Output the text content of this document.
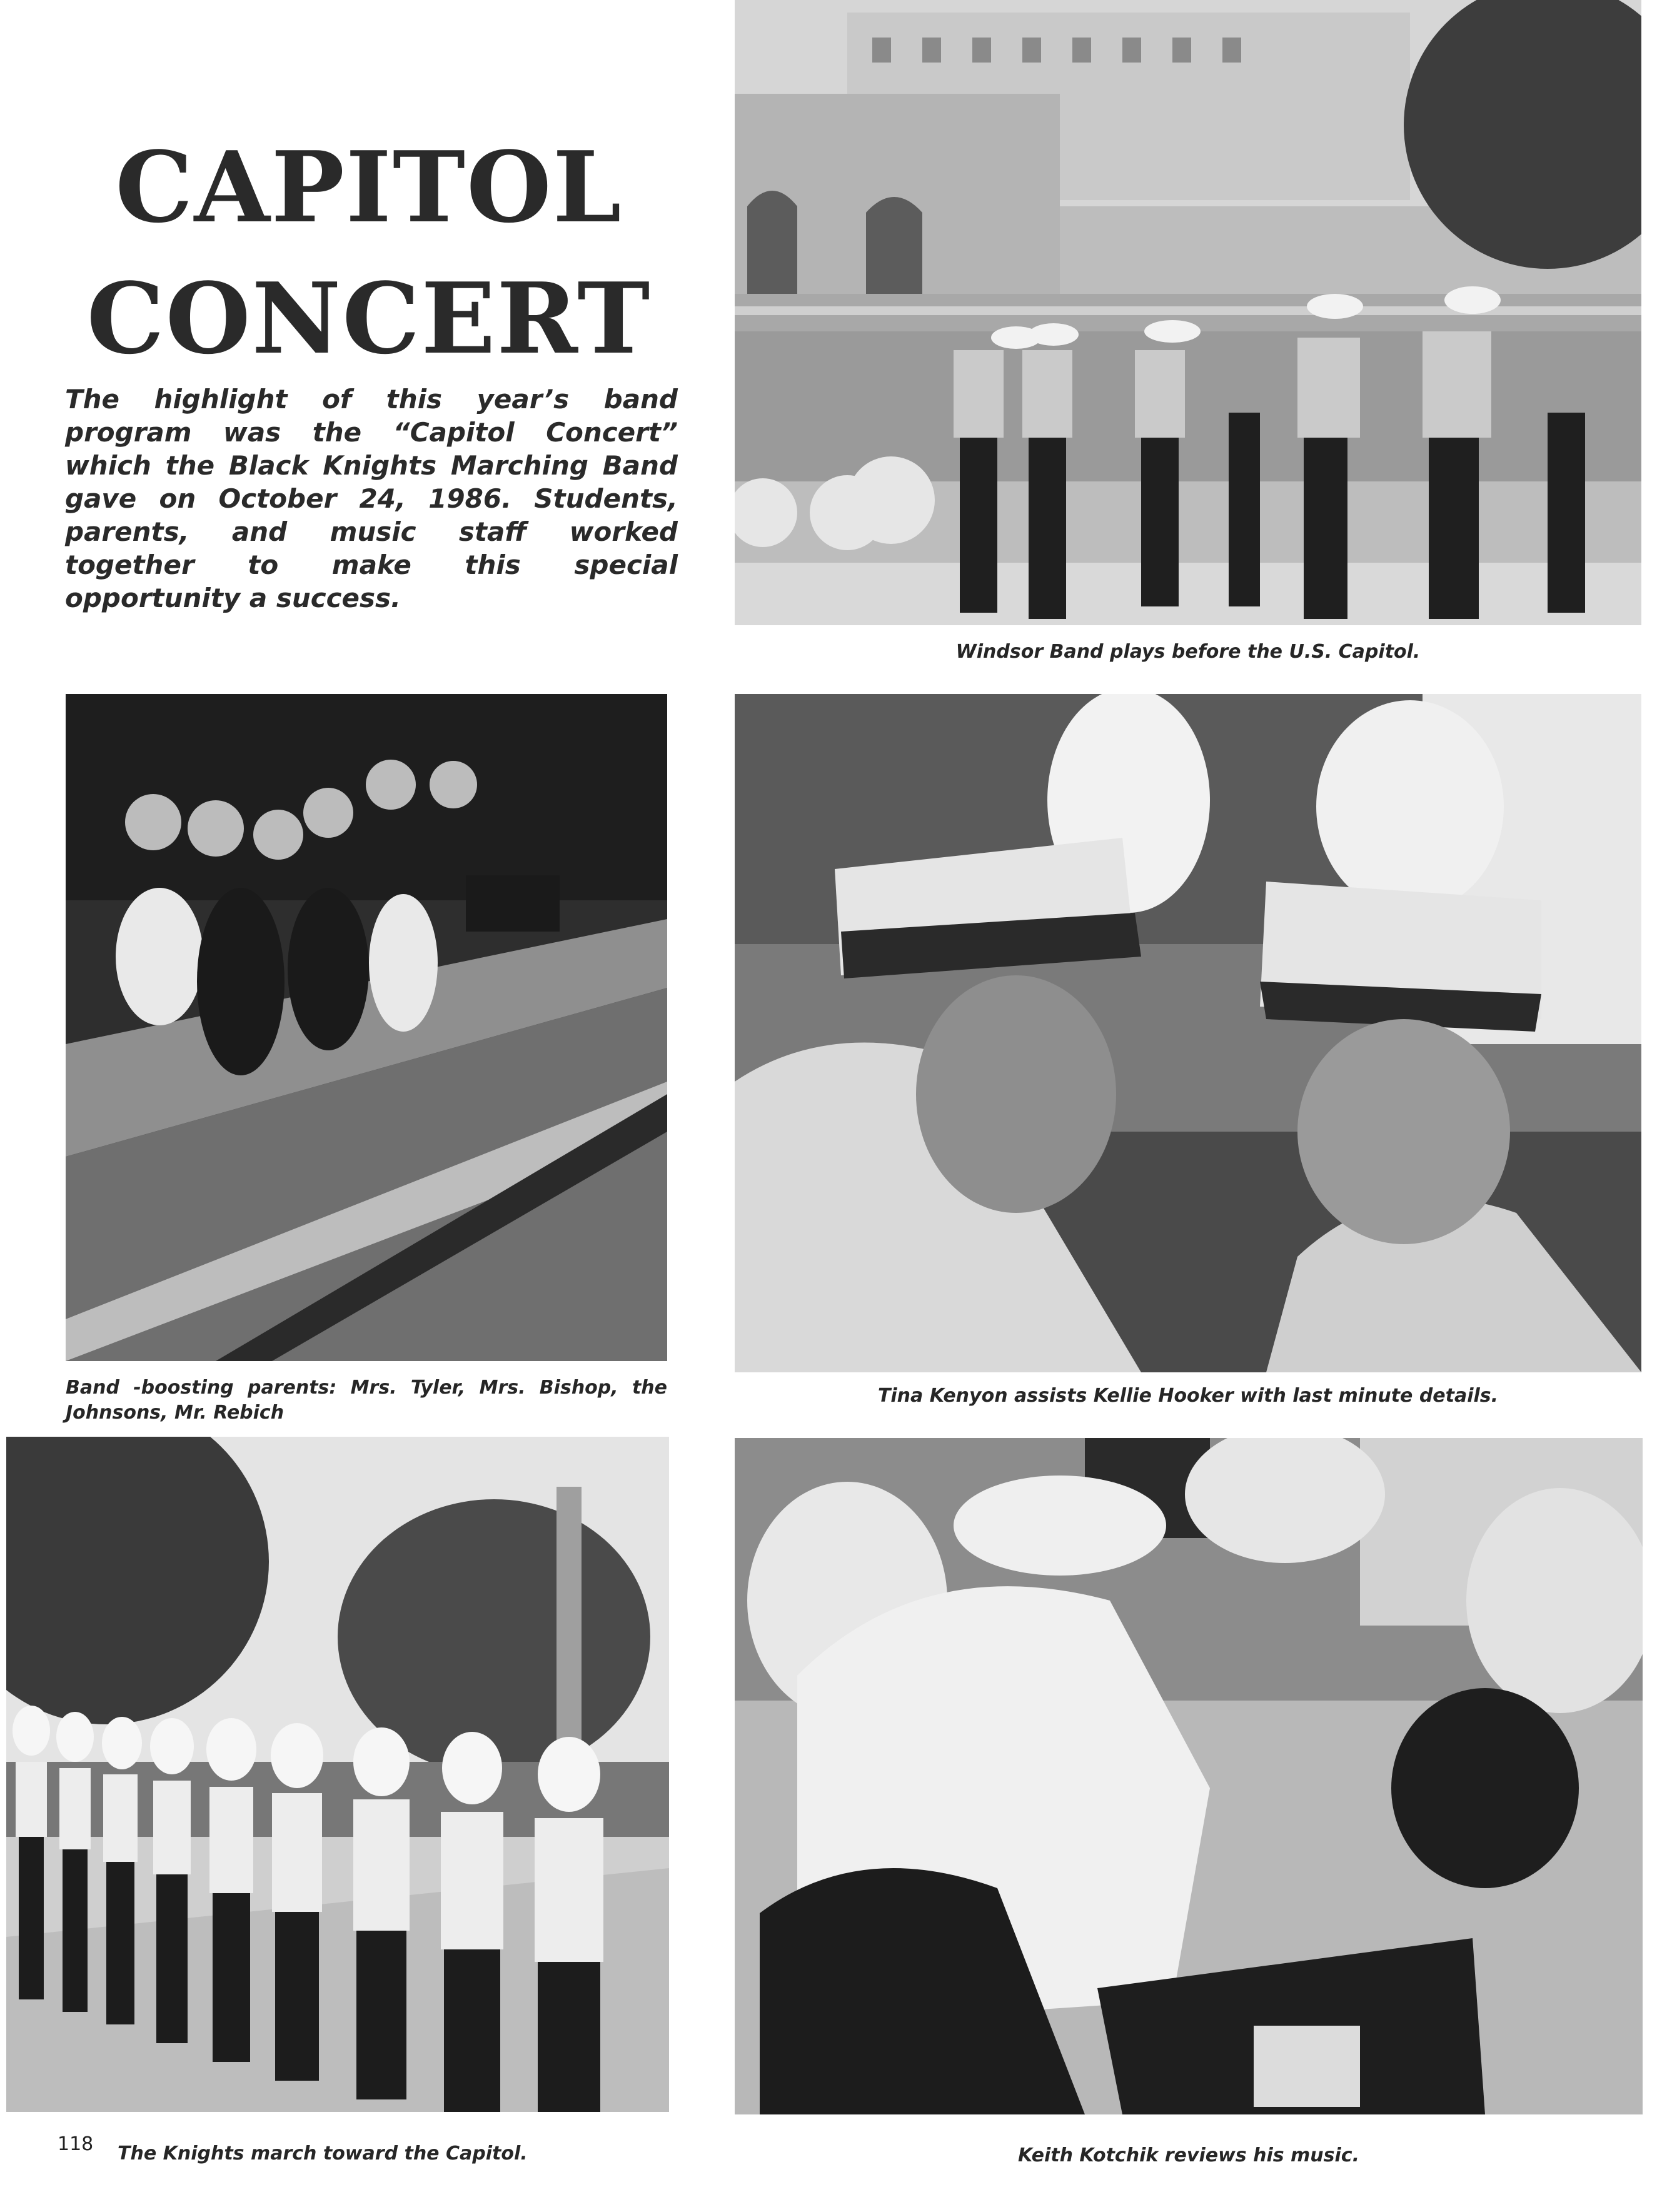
CAPITOL
CONCERT
The highlight of this year’s band program was the “Capitol Concert” which the Black Knights Marching Band gave on October 24, 1986. Students, parents, and music staff worked together to make this special opportunity a success.
Windsor Band plays before the U.S. Capitol.
Band -boosting parents: Mrs. Tyler, Mrs. Bishop, the Johnsons, Mr. Rebich
Tina Kenyon assists Kellie Hooker with last minute details.
118 The Knights march toward the Capitol.	Keith Kotchik reviews his music.
